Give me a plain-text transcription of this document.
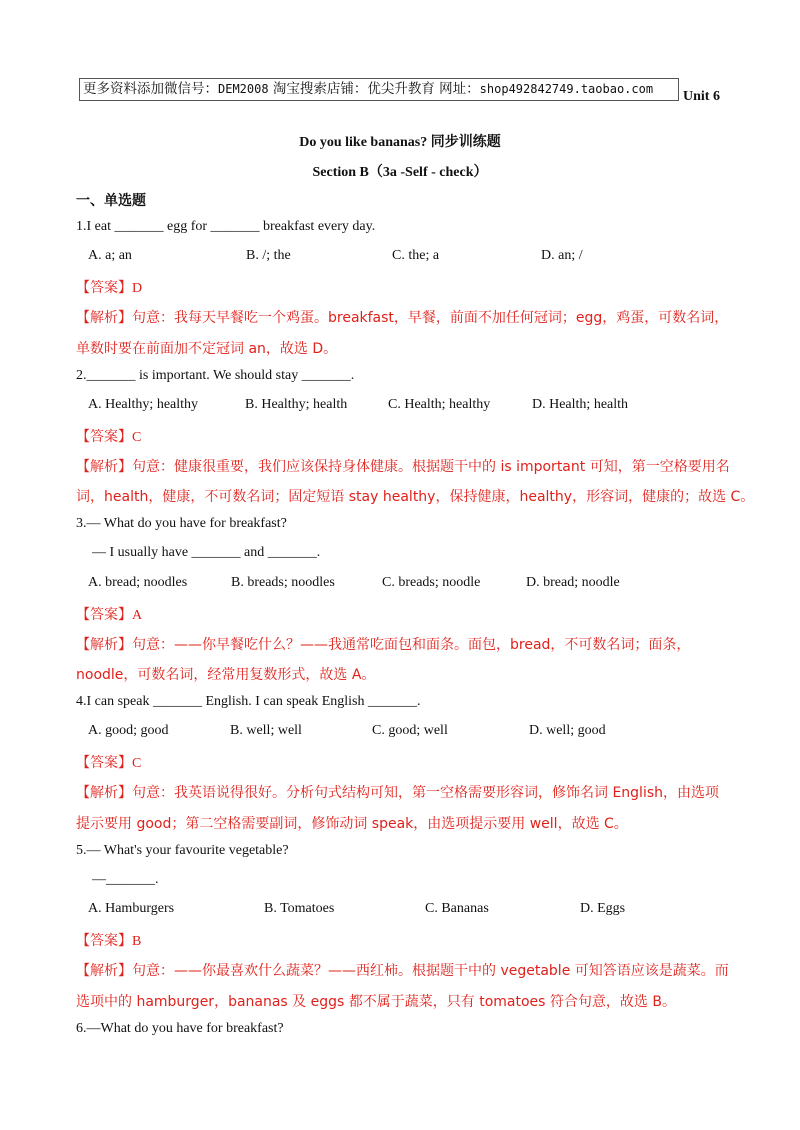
更多资料添加微信号：DEM2008 淘宝搜索店铺：优尖升教育 网址：shop492842749.taobao.com	Unit 6
Do you like bananas? 同步训练题
Section B（3a -Self - check）
一、单选题
1.I eat _______ egg for _______ breakfast every day.
A. a; an	B. /; the	C. the; a	D. an; /
【答案】D
【解析】句意：我每天早餐吃一个鸡蛋。breakfast，早餐，前面不加任何冠词；egg，鸡蛋，可数名词，
单数时要在前面加不定冠词 an，故选 D。
2._______ is important. We should stay _______.
A. Healthy; healthy	B. Healthy; health	C. Health; healthy	D. Health; health
【答案】C
【解析】句意：健康很重要，我们应该保持身体健康。根据题干中的 is important 可知，第一空格要用名
词，health，健康，不可数名词；固定短语 stay healthy，保持健康，healthy，形容词，健康的；故选 C。
3.— What do you have for breakfast?
— I usually have _______ and _______.
A. bread; noodles	B. breads; noodles	C. breads; noodle	D. bread; noodle
【答案】A
【解析】句意：——你早餐吃什么？——我通常吃面包和面条。面包，bread，不可数名词；面条，
noodle，可数名词，经常用复数形式，故选 A。
4.I can speak _______ English. I can speak English _______.
A. good; good	B. well; well	C. good; well	D. well; good
【答案】C
【解析】句意：我英语说得很好。分析句式结构可知，第一空格需要形容词，修饰名词 English，由选项
提示要用 good；第二空格需要副词，修饰动词 speak，由选项提示要用 well，故选 C。
5.— What's your favourite vegetable?
—_______.
A. Hamburgers	B. Tomatoes	C. Bananas	D. Eggs
【答案】B
【解析】句意：——你最喜欢什么蔬菜？——西红柿。根据题干中的 vegetable 可知答语应该是蔬菜。而
选项中的 hamburger，bananas 及 eggs 都不属于蔬菜，只有 tomatoes 符合句意，故选 B。
6.—What do you have for breakfast?
